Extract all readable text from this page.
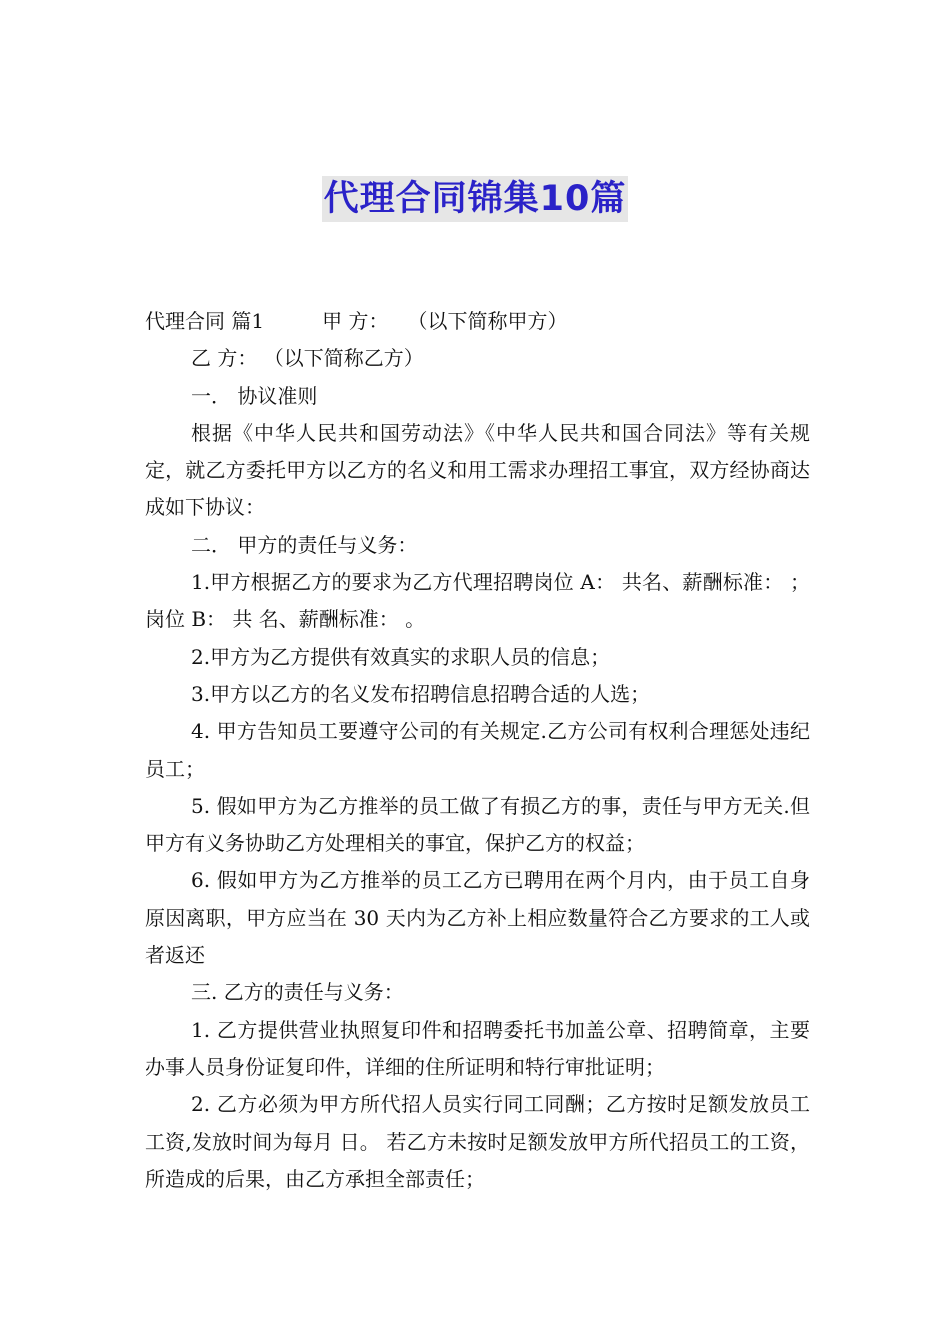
代理合同锦集10篇

代理合同 篇1	甲 方：   （以下简称甲方）

乙 方： （以下简称乙方）

一． 协议准则

根据《中华人民共和国劳动法》《中华人民共和国合同法》等有关规定，就乙方委托甲方以乙方的名义和用工需求办理招工事宜，双方经协商达成如下协议：

二． 甲方的责任与义务：

1.甲方根据乙方的要求为乙方代理招聘岗位 A： 共名、薪酬标准： ；岗位 B： 共 名、薪酬标准： 。

2.甲方为乙方提供有效真实的求职人员的信息；

3.甲方以乙方的名义发布招聘信息招聘合适的人选；

4. 甲方告知员工要遵守公司的有关规定.乙方公司有权利合理惩处违纪员工；

5. 假如甲方为乙方推举的员工做了有损乙方的事，责任与甲方无关.但甲方有义务协助乙方处理相关的事宜，保护乙方的权益；

6. 假如甲方为乙方推举的员工乙方已聘用在两个月内，由于员工自身原因离职，甲方应当在 30 天内为乙方补上相应数量符合乙方要求的工人或者返还

三. 乙方的责任与义务：

1. 乙方提供营业执照复印件和招聘委托书加盖公章、招聘简章，主要办事人员身份证复印件，详细的住所证明和特行审批证明；

2. 乙方必须为甲方所代招人员实行同工同酬；乙方按时足额发放员工工资,发放时间为每月 日。 若乙方未按时足额发放甲方所代招员工的工资，所造成的后果，由乙方承担全部责任；
